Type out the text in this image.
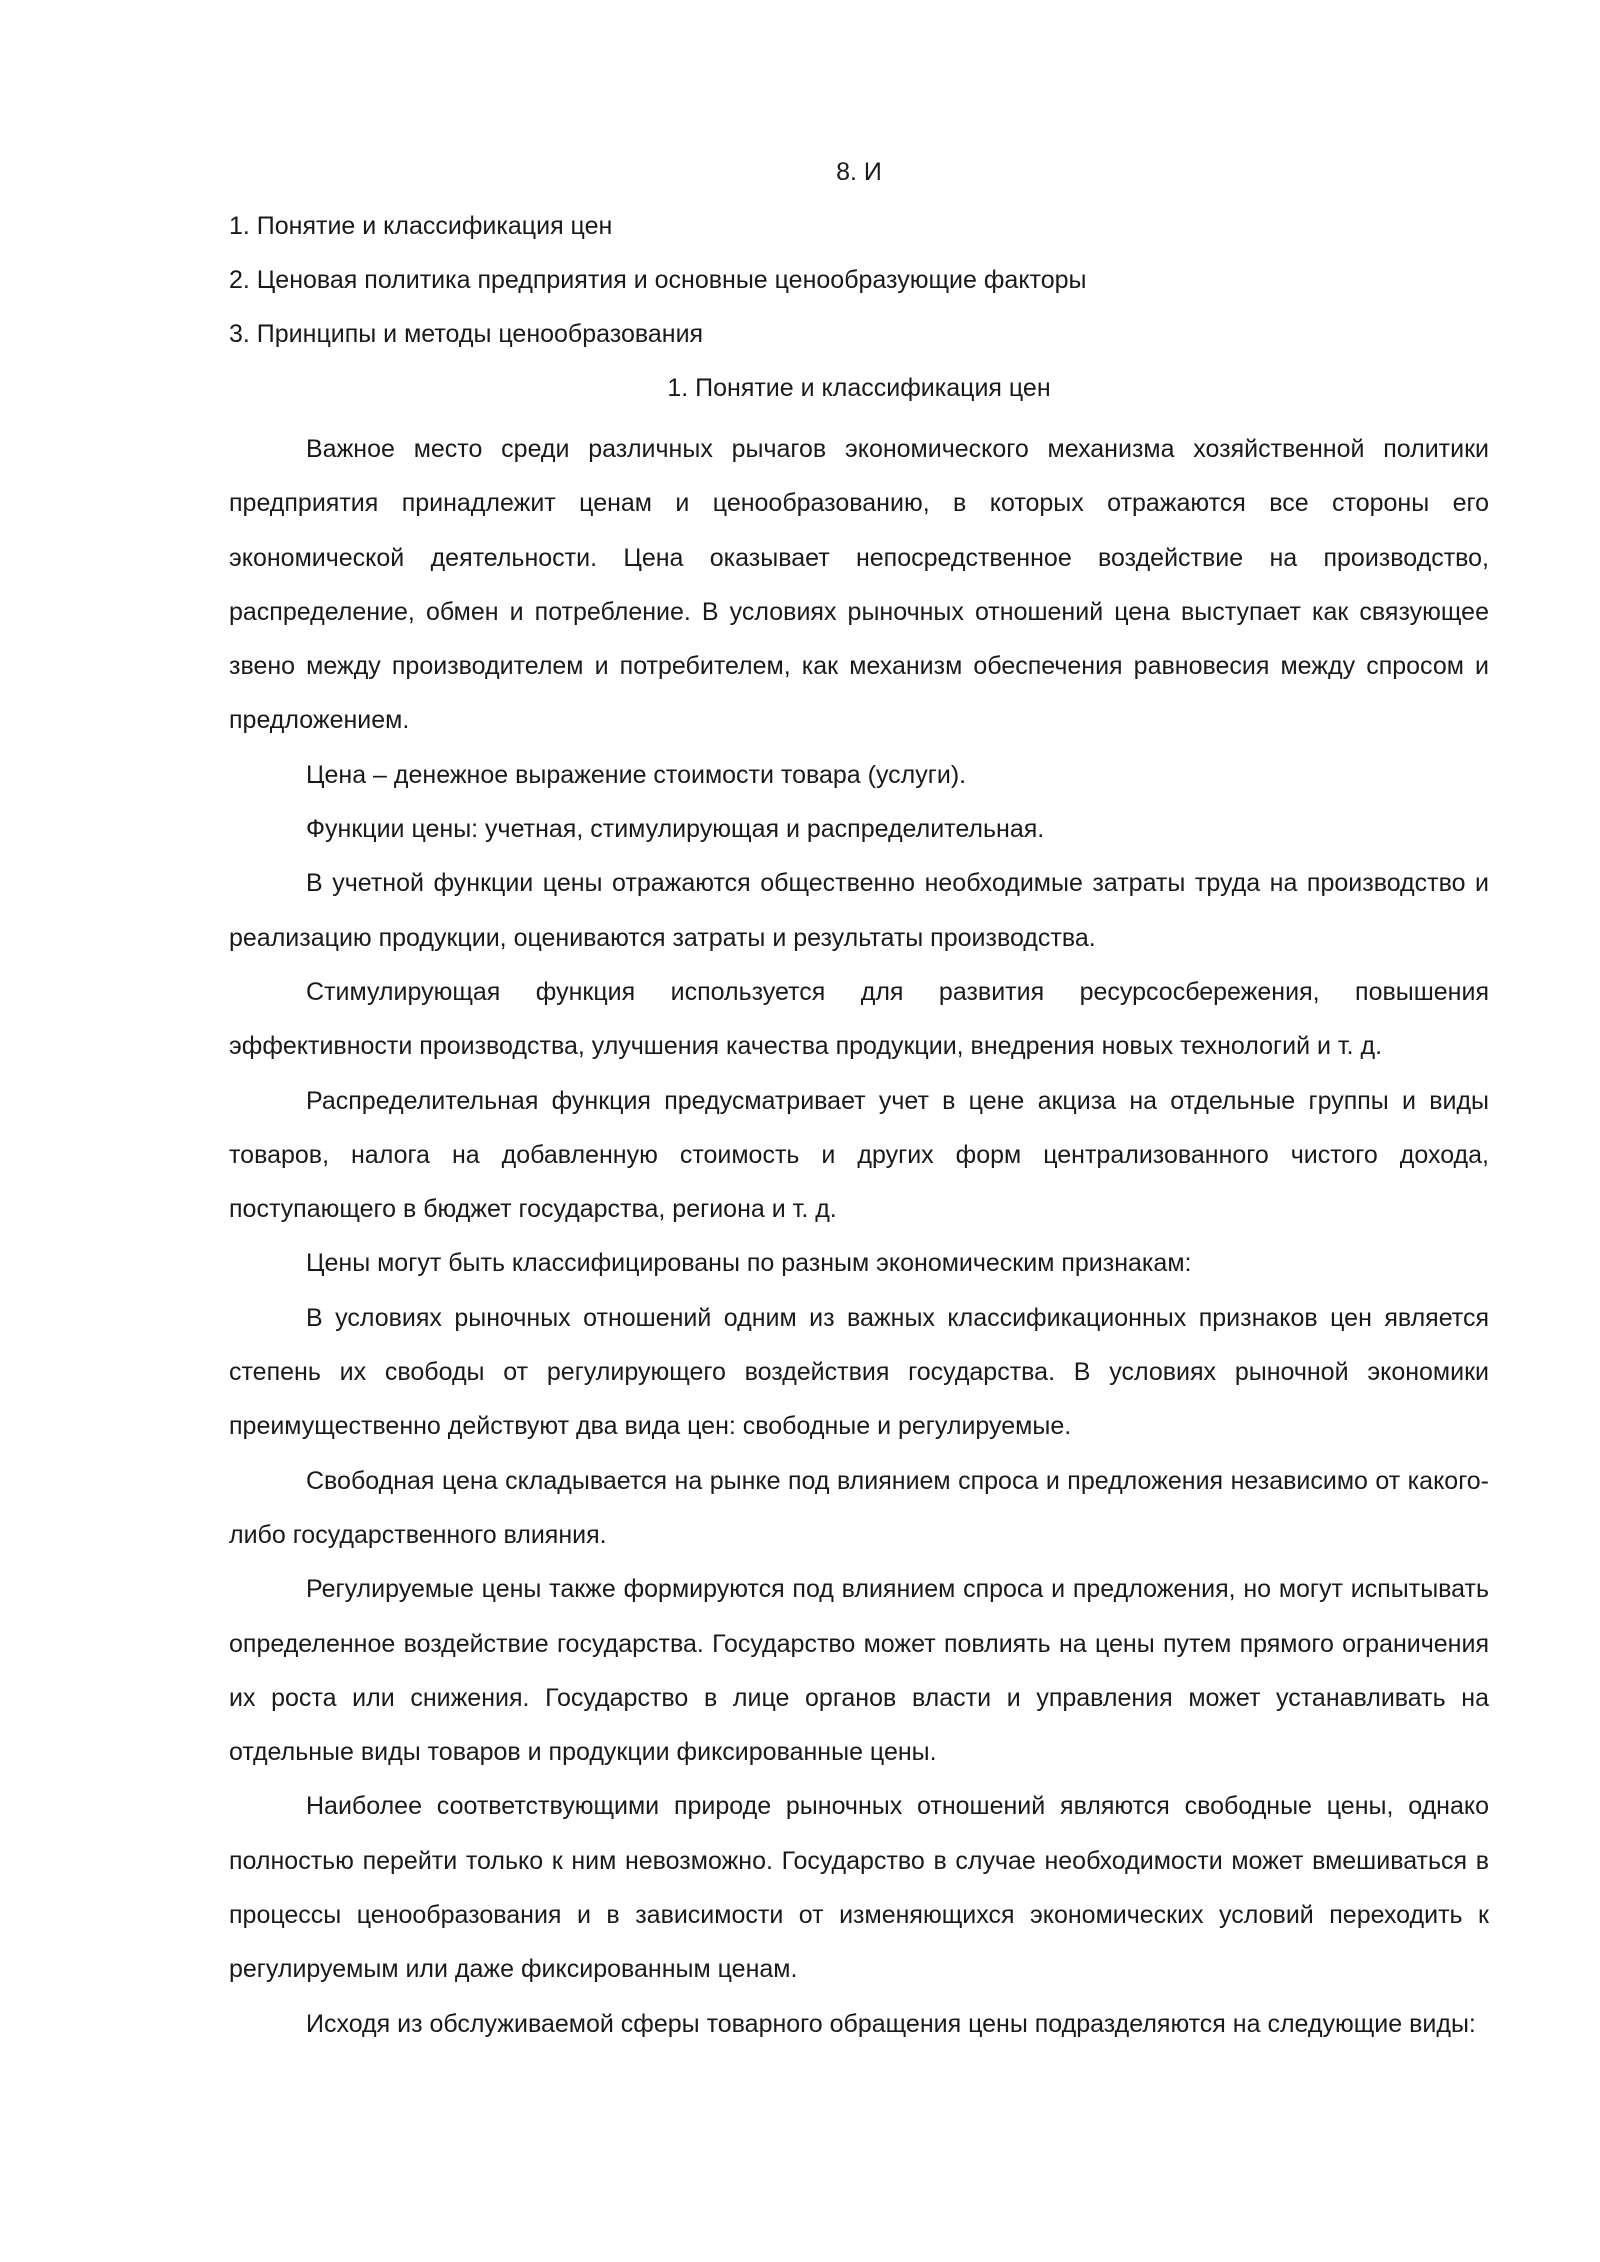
8. И
1. Понятие и классификация цен
2. Ценовая политика предприятия и основные ценообразующие факторы
3. Принципы и методы ценообразования
1. Понятие и классификация цен

Важное место среди различных рычагов экономического механизма хозяйственной политики предприятия принадлежит ценам и ценообразованию, в которых отражаются все стороны его экономической деятельности. Цена оказывает непосредственное воздействие на производство, распределение, обмен и потребление. В условиях рыночных отношений цена выступает как связующее звено между производителем и потребителем, как механизм обеспечения равновесия между спросом и предложением.

Цена – денежное выражение стоимости товара (услуги).

Функции цены: учетная, стимулирующая и распределительная.

В учетной функции цены отражаются общественно необходимые затраты труда на производство и реализацию продукции, оцениваются затраты и результаты производства.

Стимулирующая функция используется для развития ресурсосбережения, повышения эффективности производства, улучшения качества продукции, внедрения новых технологий и т. д.

Распределительная функция предусматривает учет в цене акциза на отдельные группы и виды товаров, налога на добавленную стоимость и других форм централизованного чистого дохода, поступающего в бюджет государства, региона и т. д.

Цены могут быть классифицированы по разным экономическим признакам:

В условиях рыночных отношений одним из важных классификационных признаков цен является степень их свободы от регулирующего воздействия государства. В условиях рыночной экономики преимущественно действуют два вида цен: свободные и регулируемые.

Свободная цена складывается на рынке под влиянием спроса и предложения независимо от какого-либо государственного влияния.

Регулируемые цены также формируются под влиянием спроса и предложения, но могут испытывать определенное воздействие государства. Государство может повлиять на цены путем прямого ограничения их роста или снижения. Государство в лице органов власти и управления может устанавливать на отдельные виды товаров и продукции фиксированные цены.

Наиболее соответствующими природе рыночных отношений являются свободные цены, однако полностью перейти только к ним невозможно. Государство в случае необходимости может вмешиваться в процессы ценообразования и в зависимости от изменяющихся экономических условий переходить к регулируемым или даже фиксированным ценам.

Исходя из обслуживаемой сферы товарного обращения цены подразделяются на следующие виды:
